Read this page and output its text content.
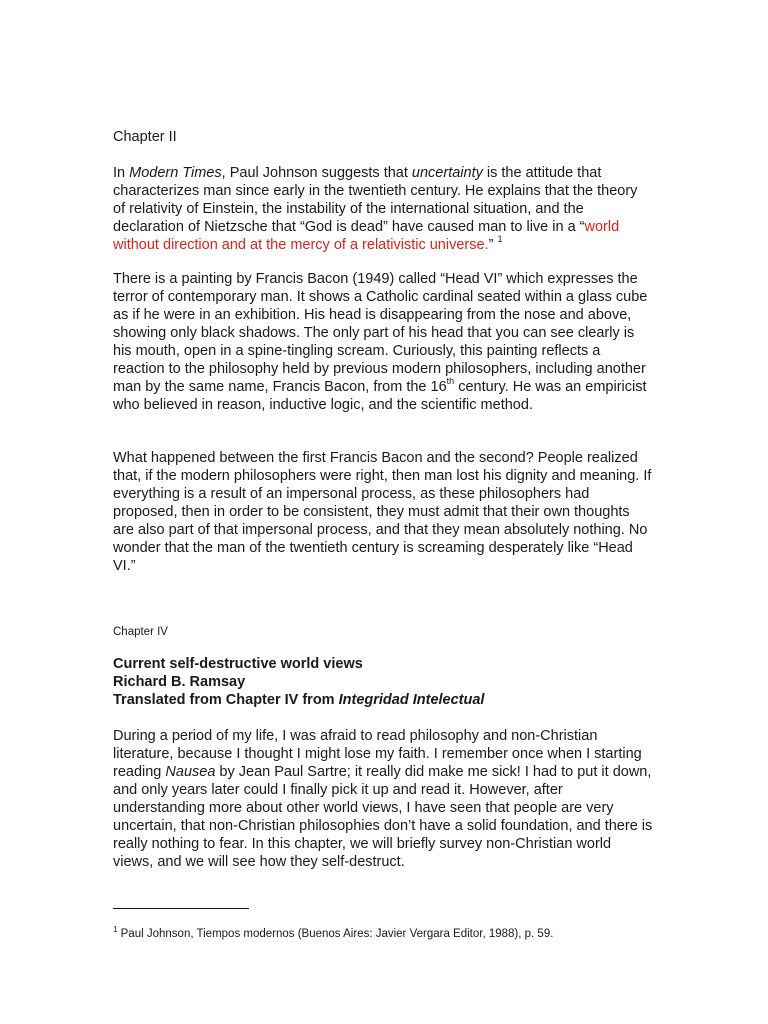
Chapter II

In Modern Times, Paul Johnson suggests that uncertainty is the attitude that characterizes man since early in the twentieth century. He explains that the theory of relativity of Einstein, the instability of the international situation, and the declaration of Nietzsche that “God is dead” have caused man to live in a “world without direction and at the mercy of a relativistic universe.” $^1$

There is a painting by Francis Bacon (1949) called “Head VI” which expresses the terror of contemporary man. It shows a Catholic cardinal seated within a glass cube as if he were in an exhibition. His head is disappearing from the nose and above, showing only black shadows. The only part of his head that you can see clearly is his mouth, open in a spine-tingling scream. Curiously, this painting reflects a reaction to the philosophy held by previous modern philosophers, including another man by the same name, Francis Bacon, from the 16th century. He was an empiricist who believed in reason, inductive logic, and the scientific method.

What happened between the first Francis Bacon and the second? People realized that, if the modern philosophers were right, then man lost his dignity and meaning. If everything is a result of an impersonal process, as these philosophers had proposed, then in order to be consistent, they must admit that their own thoughts are also part of that impersonal process, and that they mean absolutely nothing. No wonder that the man of the twentieth century is screaming desperately like “Head VI.”

Chapter IV

Current self-destructive world views
Richard B. Ramsay
Translated from Chapter IV from Integridad Intelectual

During a period of my life, I was afraid to read philosophy and non-Christian literature, because I thought I might lose my faith. I remember once when I starting reading Nausea by Jean Paul Sartre; it really did make me sick! I had to put it down, and only years later could I finally pick it up and read it. However, after understanding more about other world views, I have seen that people are very uncertain, that non-Christian philosophies don’t have a solid foundation, and there is really nothing to fear. In this chapter, we will briefly survey non-Christian world views, and we will see how they self-destruct.

$^1$ Paul Johnson, Tiempos modernos (Buenos Aires: Javier Vergara Editor, 1988), p. 59.
